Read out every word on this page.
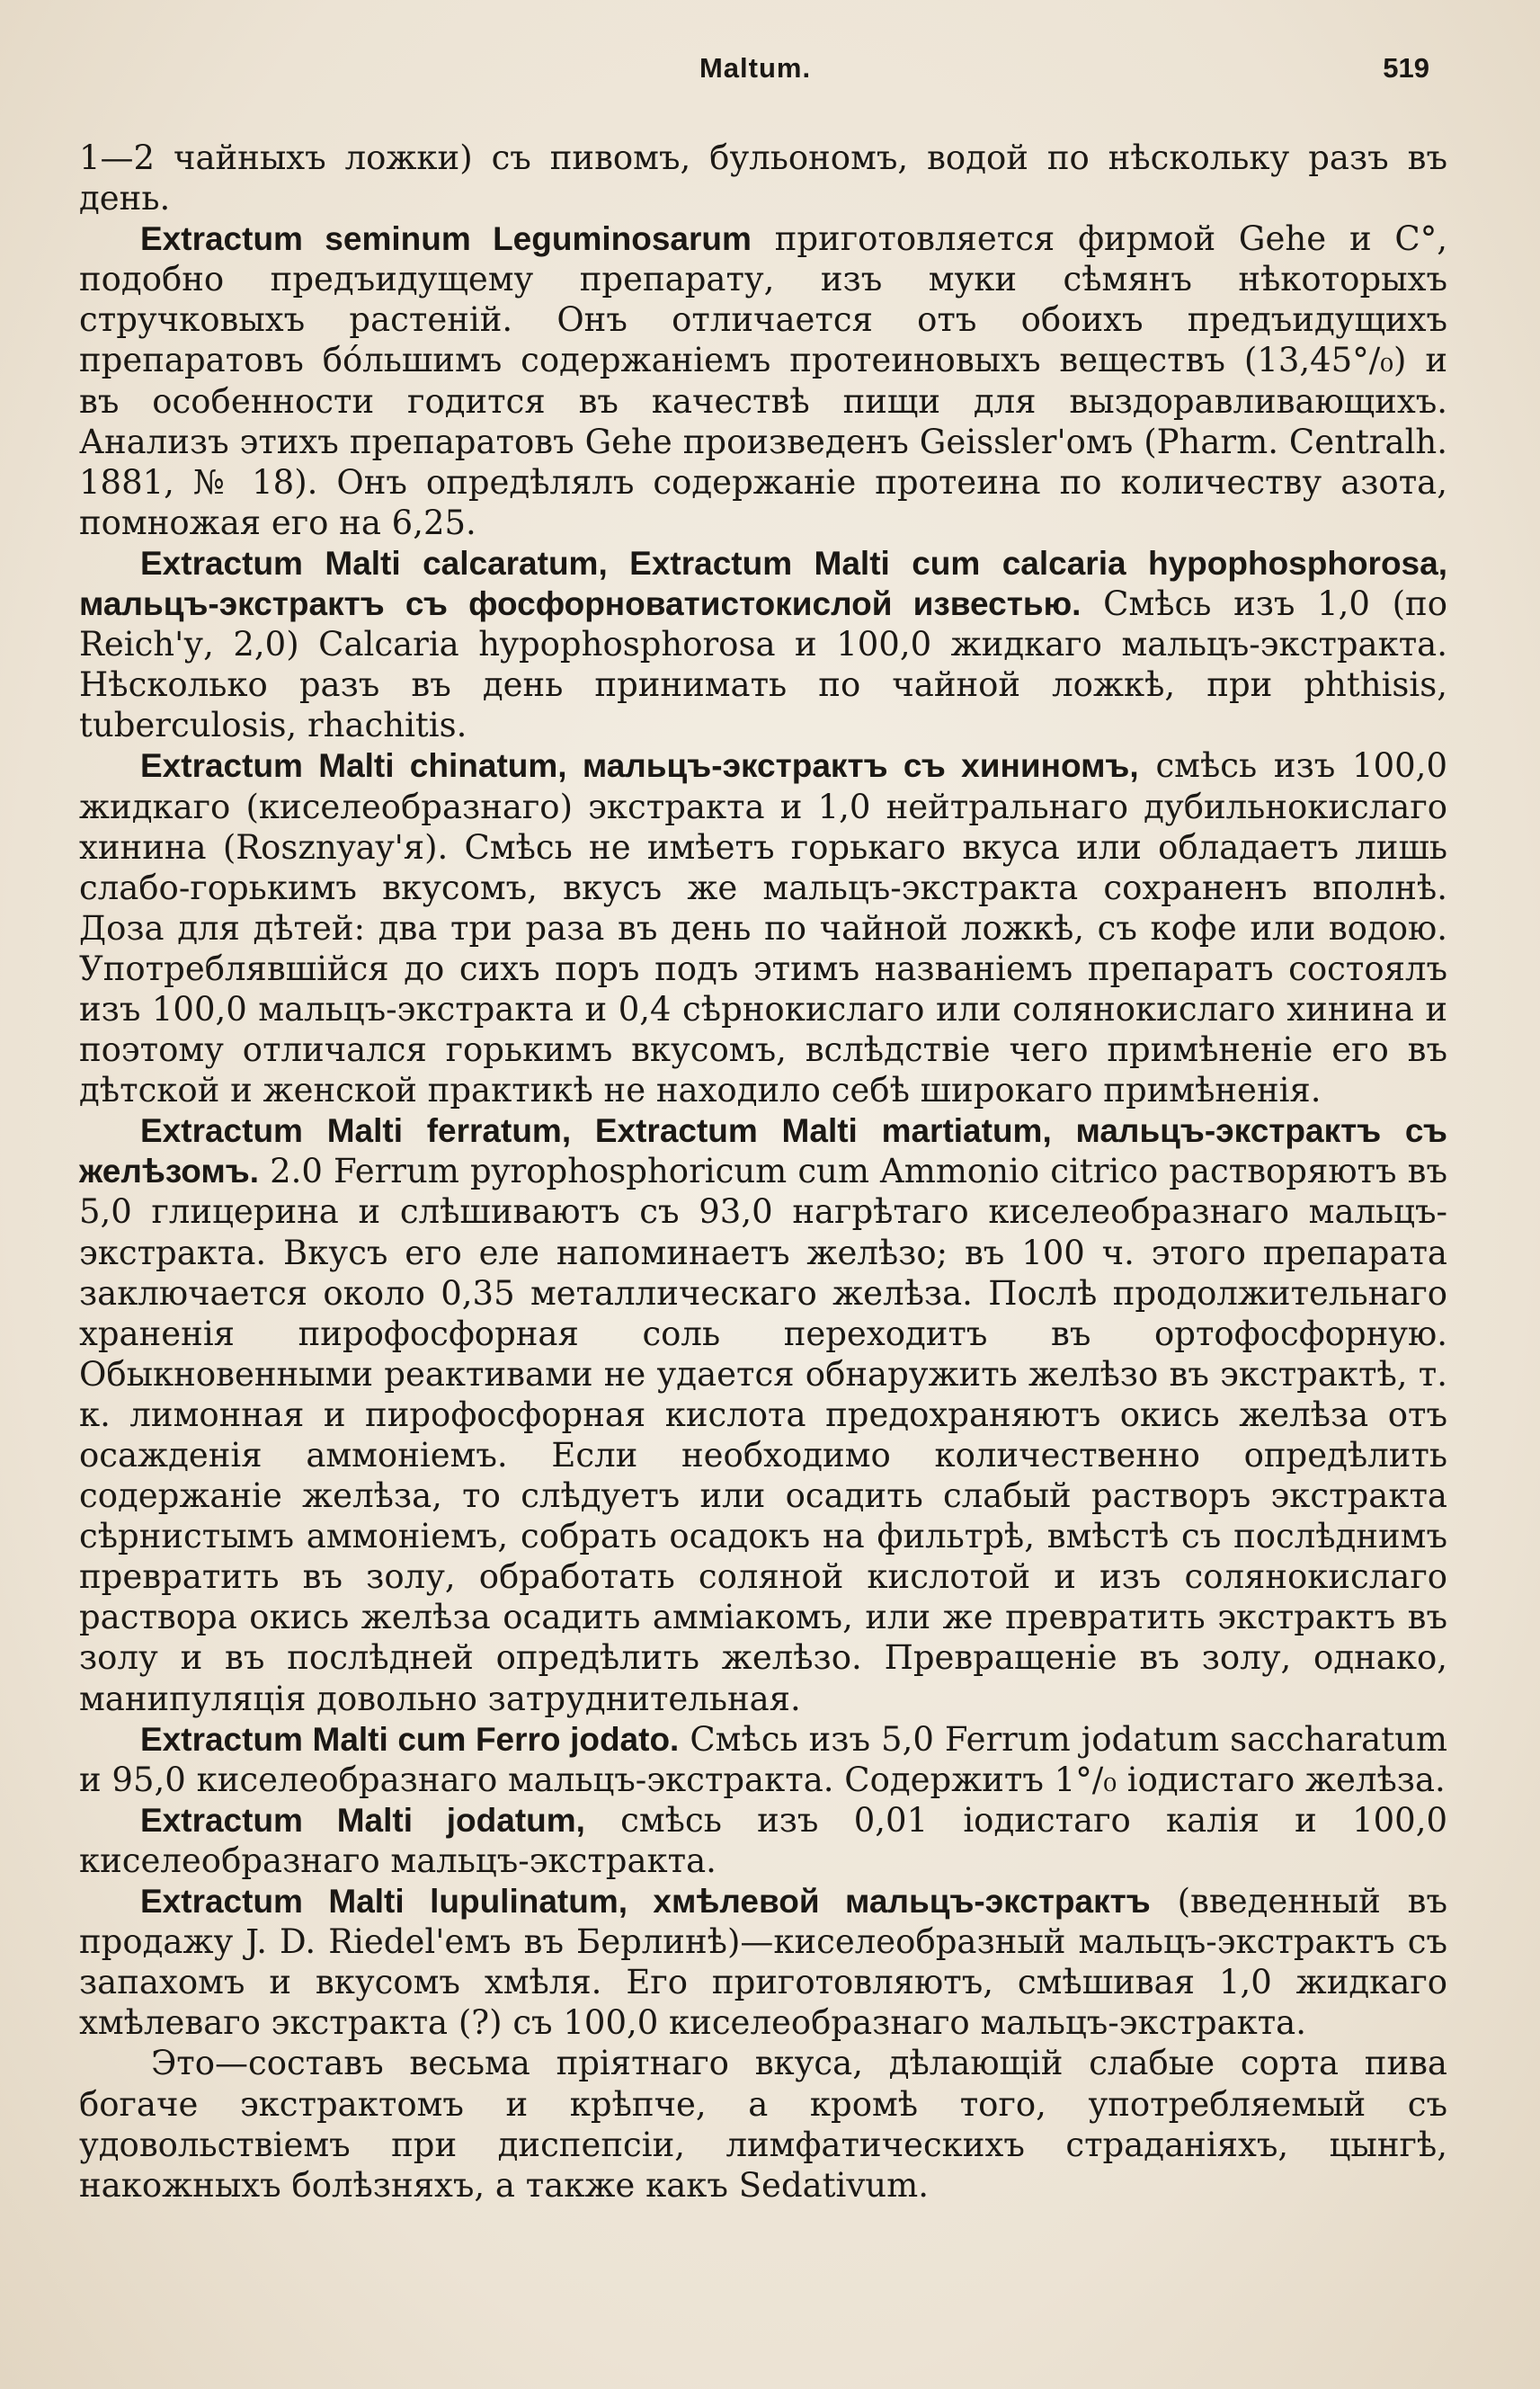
Maltum.	519

1—2 чайныхъ ложки) съ пивомъ, бульономъ, водой по нѣскольку разъ въ день.

Extractum seminum Leguminosarum приготовляется фирмой Gehe и С°, подобно предъидущему препарату, изъ муки сѣмянъ нѣкоторыхъ стручковыхъ растеній. Онъ отличается отъ обоихъ предъидущихъ препаратовъ бо́льшимъ содержаніемъ протеиновыхъ веществъ (13,45°/₀) и въ особенности годится въ качествѣ пищи для выздоравливающихъ. Анализъ этихъ препаратовъ Gehe произведенъ Geissler'омъ (Pharm. Centralh. 1881, № 18). Онъ опредѣлялъ содержаніе протеина по количеству азота, помножая его на 6,25.

Extractum Malti calcaratum, Extractum Malti cum calcaria hypophosphorosa, мальцъ-экстрактъ съ фосфорноватистокислой известью. Смѣсь изъ 1,0 (по Reich'у, 2,0) Calcaria hypophosphorosa и 100,0 жидкаго мальцъ-экстракта. Нѣсколько разъ въ день принимать по чайной ложкѣ, при phthisis, tuberculosis, rhachitis.

Extractum Malti chinatum, мальцъ-экстрактъ съ хининомъ, смѣсь изъ 100,0 жидкаго (киселеобразнаго) экстракта и 1,0 нейтральнаго дубильнокислаго хинина (Rosznyay'я). Смѣсь не имѣетъ горькаго вкуса или обладаетъ лишь слабо-горькимъ вкусомъ, вкусъ же мальцъ-экстракта сохраненъ вполнѣ. Доза для дѣтей: два три раза въ день по чайной ложкѣ, съ кофе или водою. Употреблявшійся до сихъ поръ подъ этимъ названіемъ препаратъ состоялъ изъ 100,0 мальцъ-экстракта и 0,4 сѣрнокислаго или солянокислаго хинина и поэтому отличался горькимъ вкусомъ, вслѣдствіе чего примѣненіе его въ дѣтской и женской практикѣ не находило себѣ широкаго примѣненія.

Extractum Malti ferratum, Extractum Malti martiatum, мальцъ-экстрактъ съ желѣзомъ. 2.0 Ferrum pyrophosphoricum cum Ammonio citrico растворяютъ въ 5,0 глицерина и слѣшиваютъ съ 93,0 нагрѣтаго киселеобразнаго мальцъ-экстракта. Вкусъ его еле напоминаетъ желѣзо; въ 100 ч. этого препарата заключается около 0,35 металлическаго желѣза. Послѣ продолжительнаго храненія пирофосфорная соль переходитъ въ ортофосфорную. Обыкновенными реактивами не удается обнаружить желѣзо въ экстрактѣ, т. к. лимонная и пирофосфорная кислота предохраняютъ окись желѣза отъ осажденія аммоніемъ. Если необходимо количественно опредѣлить содержаніе желѣза, то слѣдуетъ или осадить слабый растворъ экстракта сѣрнистымъ аммоніемъ, собрать осадокъ на фильтрѣ, вмѣстѣ съ послѣднимъ превратить въ золу, обработать соляной кислотой и изъ солянокислаго раствора окись желѣза осадить амміакомъ, или же превратить экстрактъ въ золу и въ послѣдней опредѣлить желѣзо. Превращеніе въ золу, однако, манипуляція довольно затруднительная.

Extractum Malti cum Ferro jodato. Смѣсь изъ 5,0 Ferrum jodatum saccharatum и 95,0 киселеобразнаго мальцъ-экстракта. Содержитъ 1°/₀ іодистаго желѣза.

Extractum Malti jodatum, смѣсь изъ 0,01 іодистаго калія и 100,0 киселеобразнаго мальцъ-экстракта.

Extractum Malti lupulinatum, хмѣлевой мальцъ-экстрактъ (введенный въ продажу J. D. Riedel'емъ въ Берлинѣ)—киселеобразный мальцъ-экстрактъ съ запахомъ и вкусомъ хмѣля. Его приготовляютъ, смѣшивая 1,0 жидкаго хмѣлеваго экстракта (?) съ 100,0 киселеобразнаго мальцъ-экстракта.

Это—составъ весьма пріятнаго вкуса, дѣлающій слабые сорта пива богаче экстрактомъ и крѣпче, а кромѣ того, употребляемый съ удовольствіемъ при диспепсіи, лимфатическихъ страданіяхъ, цынгѣ, накожныхъ болѣзняхъ, а также какъ Sedativum.
